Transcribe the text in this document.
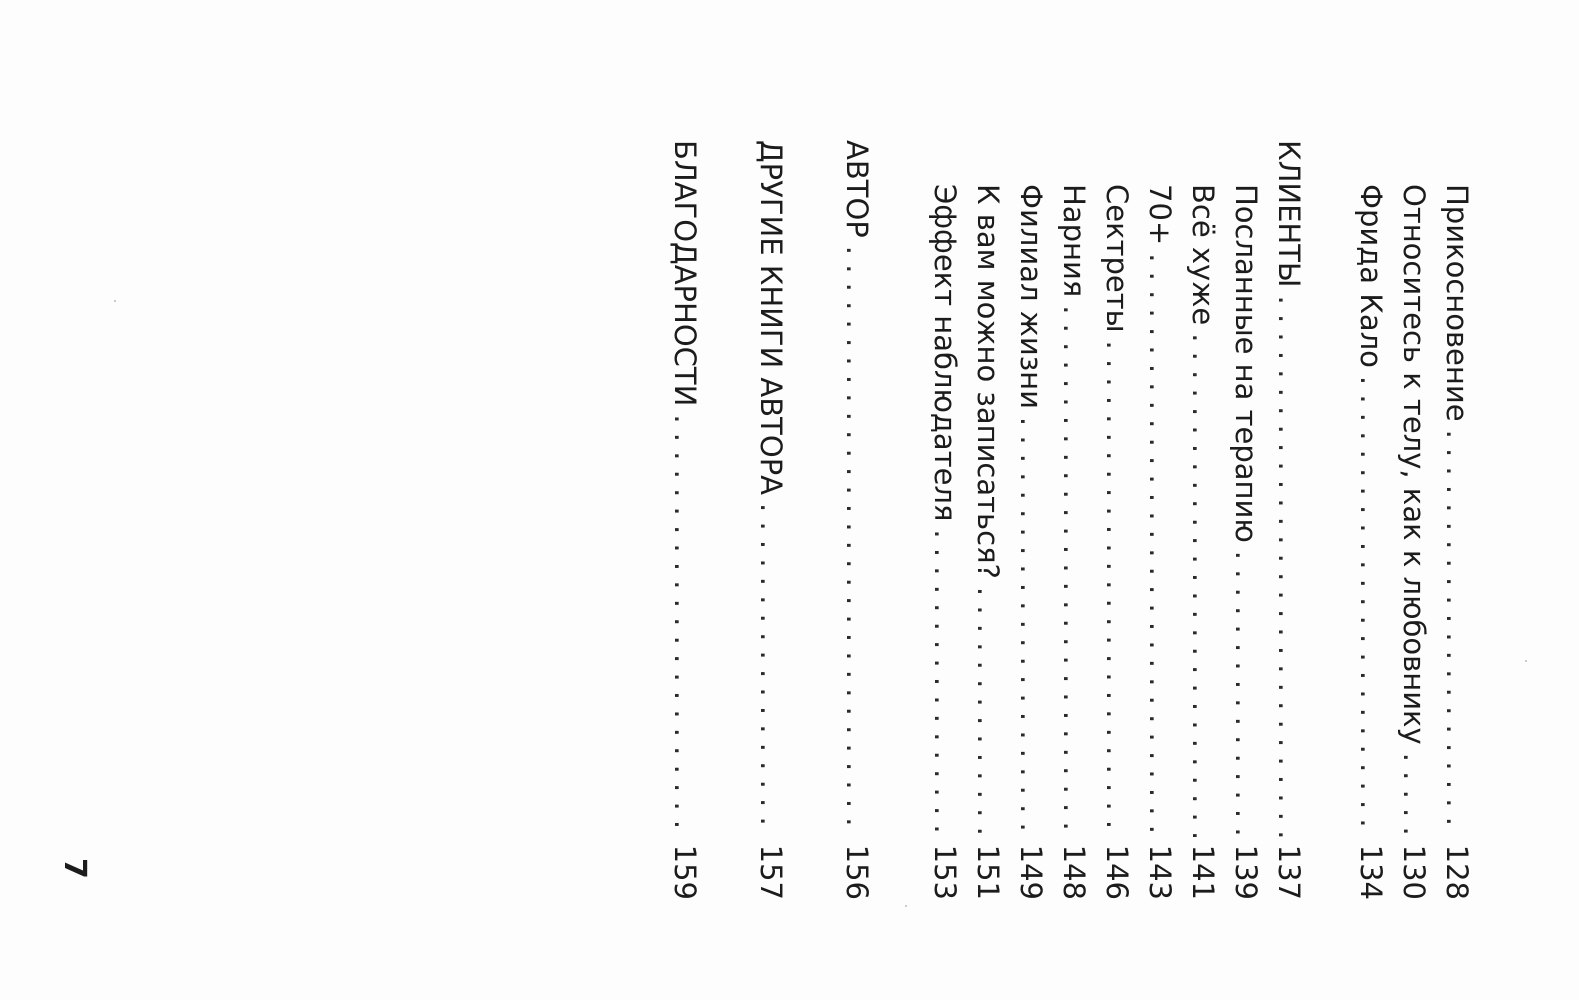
Прикосновение
. . .
128
Относитесь к телу, как к любовнику
. . .
130
Фрида Кало
. . .
134
КЛИЕНТЫ
. . .
137
Посланные на терапию
. . .
139
Всё хуже
. . .
141
70+
. . .
143
Сектреты
. . .
146
Нарния
. . .
148
Филиал жизни
. . .
149
К вам можно записаться?
. . .
151
Эффект наблюдателя
. . .
153
АВТОР
. . .
156
ДРУГИЕ КНИГИ АВТОРА
. . .
157
БЛАГОДАРНОСТИ
. . .
159
7
